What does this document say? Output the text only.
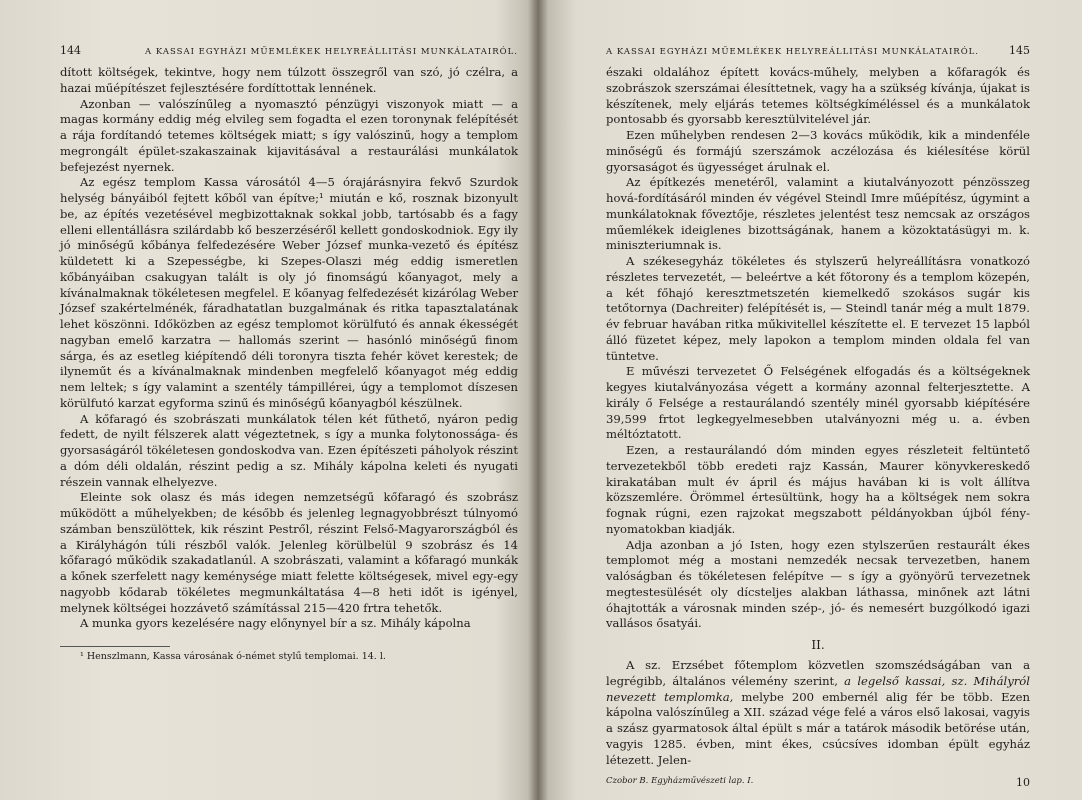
144	A KASSAI EGYHÁZI MŰEMLÉKEK HELYREÁLLITÁSI MUNKÁLATAIRÓL.

dított költségek, tekintve, hogy nem túlzott összegről van szó, jó czélra, a hazai műépítészet fejlesztésére fordíttottak lennének.

Azonban — valószínűleg a nyomasztó pénzügyi viszonyok miatt — a magas kormány eddig még elvileg sem fogadta el ezen toronynak felépítését a rája fordítandó tetemes költségek miatt; s így valószinű, hogy a templom megrongált épület-szakaszainak kijavitásával a restaurálási munkálatok befejezést nyernek.

Az egész templom Kassa városától 4—5 órajárásnyira fekvő Szurdok helység bányáiból fejtett kőből van építve;¹ miután e kő, rosznak bizonyult be, az építés vezetésével megbizottaknak sokkal jobb, tartósabb és a fagy elleni ellentállásra szilárdabb kő beszerzéséről kellett gondoskodniok. Egy ily jó minőségű kőbánya felfedezésére Weber József munka-vezető és építész küldetett ki a Szepességbe, ki Szepes-Olaszi még eddig ismeretlen kőbányáiban csakugyan talált is oly jó finomságú kőanyagot, mely a kívánalmaknak tökéletesen megfelel. E kőanyag felfedezését kizárólag Weber József szakértelménék, fáradhatatlan buzgalmának és ritka tapasztalatának lehet köszönni. Időközben az egész templomot körülfutó és annak ékességét nagyban emelő karzatra — hallomás szerint — hasónló minőségű finom sárga, és az esetleg kiépítendő déli toronyra tiszta fehér követ kerestek; de ilyneműt és a kívánalmaknak mindenben megfelelő kőanyagot még eddig nem leltek; s így valamint a szentély támpillérei, úgy a templomot díszesen körülfutó karzat egyforma szinű és minőségű kőanyagból készülnek.

A kőfaragó és szobrászati munkálatok télen két fűthető, nyáron pedig fedett, de nyilt félszerek alatt végeztetnek, s így a munka folytonossága- és gyorsaságáról tökéletesen gondoskodva van. Ezen építészeti páholyok részint a dóm déli oldalán, részint pedig a sz. Mihály kápolna keleti és nyugati részein vannak elhelyezve.

Eleinte sok olasz és más idegen nemzetségű kőfaragó és szobrász működött a műhelyekben; de később és jelenleg legnagyobbrészt túlnyomó számban benszülöttek, kik részint Pestről, részint Felső-Magyarországból és a Királyhágón túli részből valók. Jelenleg körülbelül 9 szobrász és 14 kőfaragó működik szakadatlanúl. A szobrászati, valamint a kőfaragó munkák a kőnek szerfelett nagy keménysége miatt felette költségesek, mivel egy-egy nagyobb kődarab tökéletes megmunkáltatása 4—8 heti időt is igényel, melynek költségei hozzávető számítással 215—420 frtra tehetők.

A munka gyors kezelésére nagy előnynyel bír a sz. Mihály kápolna

¹ Henszlmann, Kassa városának ó-német stylű templomai. 14. l.
A KASSAI EGYHÁZI MŰEMLÉKEK HELYREÁLLITÁSI MUNKÁLATAIRÓL.	145

északi oldalához épített kovács-műhely, melyben a kőfaragók és szobrászok szerszámai élesíttetnek, vagy ha a szükség kívánja, újakat is készítenek, mely eljárás tetemes költségkíméléssel és a munkálatok pontosabb és gyorsabb keresztülvitelével jár.

Ezen műhelyben rendesen 2—3 kovács működik, kik a mindenféle minőségű és formájú szerszámok aczélozása és kiélesítése körül gyorsaságot és ügyességet árulnak el.

Az építkezés menetéről, valamint a kiutalványozott pénzösszeg hová-fordításáról minden év végével Steindl Imre műépítész, úgymint a munkálatoknak főveztője, részletes jelentést tesz nemcsak az országos műemlékek ideiglenes bizottságának, hanem a közoktatásügyi m. k. miniszteriumnak is.

A székesegyház tökéletes és stylszerű helyreállításra vonatkozó részletes tervezetét, — beleértve a két főtorony és a templom közepén, a két főhajó keresztmetszetén kiemelkedő szokásos sugár kis tetőtornya (Dachreiter) felépítését is, — Steindl tanár még a mult 1879. év februar havában ritka műkivitellel készítette el. E tervezet 15 lapból álló füzetet képez, mely lapokon a templom minden oldala fel van tüntetve.

E művészi tervezetet Ő Felségének elfogadás és a költségeknek kegyes kiutalványozása végett a kormány azonnal felterjesztette. A király ő Felsége a restaurálandó szentély minél gyorsabb kiépítésére 39,599 frtot legkegyelmesebben utalványozni még u. a. évben méltóztatott.

Ezen, a restaurálandó dóm minden egyes részleteit feltüntető tervezetekből több eredeti rajz Kassán, Maurer könyvkereskedő kirakatában mult év ápril és május havában ki is volt állítva közszemlére. Örömmel értesültünk, hogy ha a költségek nem sokra fognak rúgni, ezen rajzokat megszabott példányokban újból fény-nyomatokban kiadják.

Adja azonban a jó Isten, hogy ezen stylszerűen restaurált ékes templomot még a mostani nemzedék necsak tervezetben, hanem valóságban és tökéletesen felépítve — s így a gyönyörű tervezetnek megtestesülését oly dícsteljes alakban láthassa, minőnek azt látni óhajtották a városnak minden szép-, jó- és nemesért buzgólkodó igazi vallásos ősatyái.

II.

A sz. Erzsébet főtemplom közvetlen szomszédságában van a legrégibb, általános vélemény szerint, a legelső kassai, sz. Mihályról nevezett templomka, melybe 200 embernél alig fér be több. Ezen kápolna valószínűleg a XII. század vége felé a város első lakosai, vagyis a szász gyarmatosok által épült s már a tatárok második betörése után, vagyis 1285. évben, mint ékes, csúcsíves idomban épült egyház létezett. Jelen-

Czobor B. Egyházművészeti lap. I.	10
